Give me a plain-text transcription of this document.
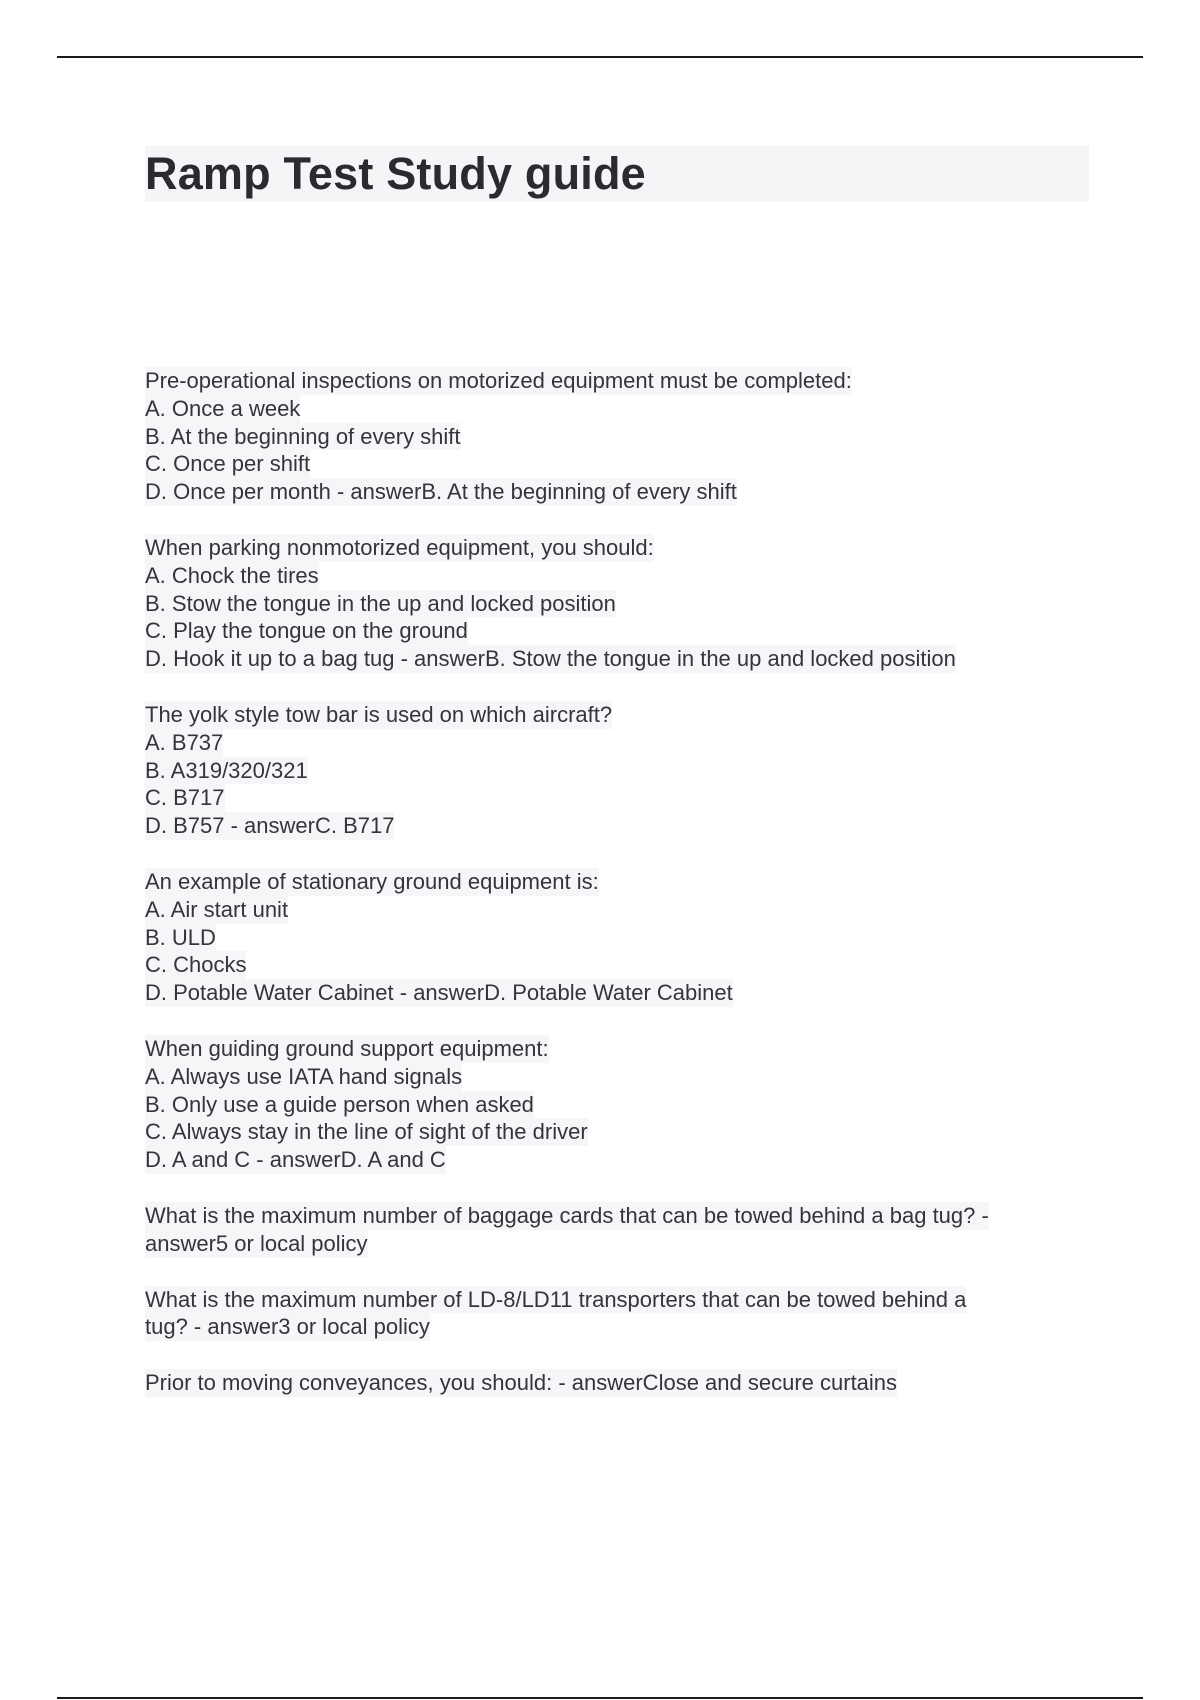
Ramp Test Study guide
Pre-operational inspections on motorized equipment must be completed:
A. Once a week
B. At the beginning of every shift
C. Once per shift
D. Once per month - answerB. At the beginning of every shift
When parking nonmotorized equipment, you should:
A. Chock the tires
B. Stow the tongue in the up and locked position
C. Play the tongue on the ground
D. Hook it up to a bag tug - answerB. Stow the tongue in the up and locked position
The yolk style tow bar is used on which aircraft?
A. B737
B. A319/320/321
C. B717
D. B757 - answerC. B717
An example of stationary ground equipment is:
A. Air start unit
B. ULD
C. Chocks
D. Potable Water Cabinet - answerD. Potable Water Cabinet
When guiding ground support equipment:
A. Always use IATA hand signals
B. Only use a guide person when asked
C. Always stay in the line of sight of the driver
D. A and C - answerD. A and C
What is the maximum number of baggage cards that can be towed behind a bag tug? -
answer5 or local policy
What is the maximum number of LD-8/LD11 transporters that can be towed behind a
tug? - answer3 or local policy
Prior to moving conveyances, you should: - answerClose and secure curtains
